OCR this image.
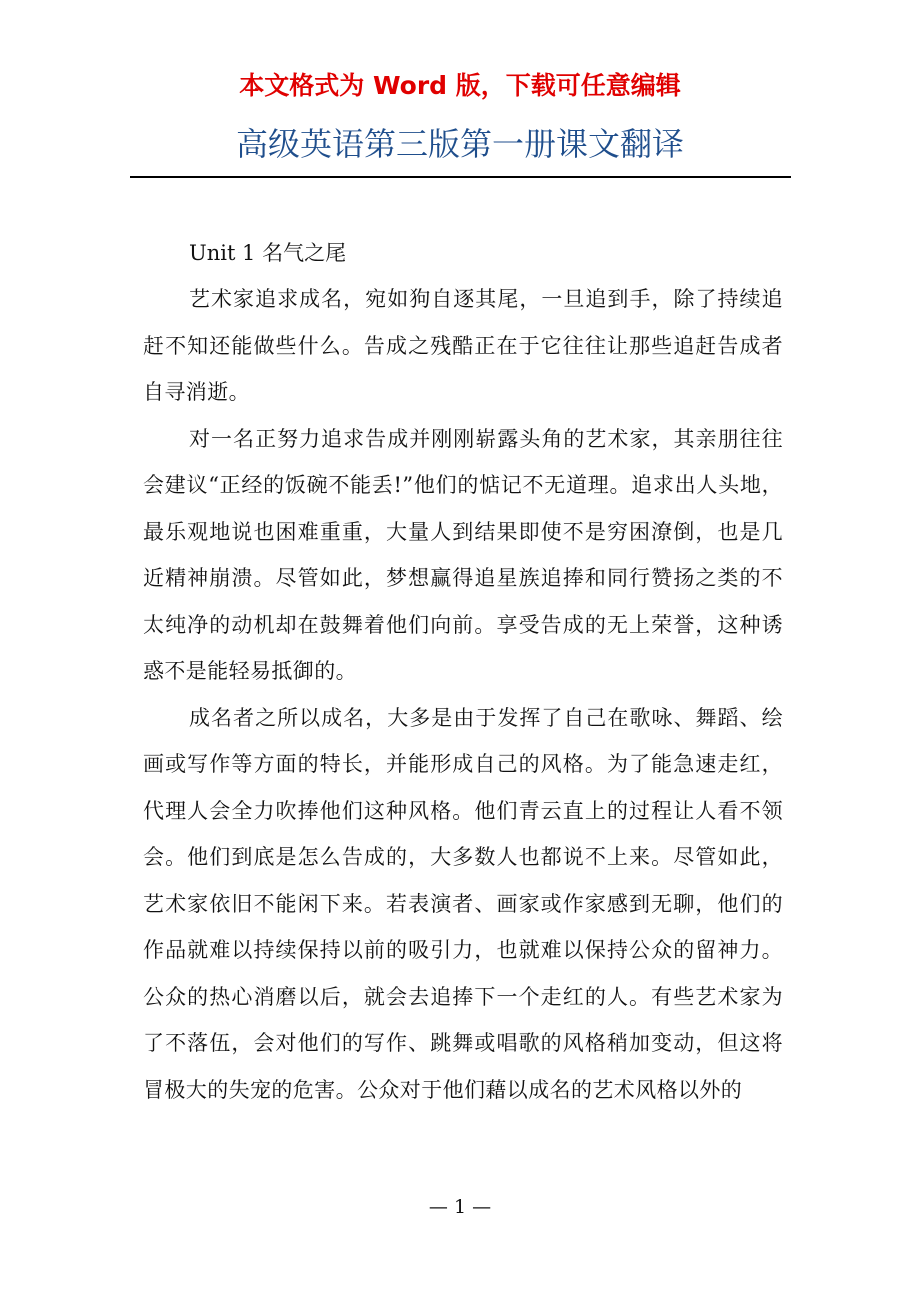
本文格式为 Word 版，下载可任意编辑
高级英语第三版第一册课文翻译

Unit 1 名气之尾

艺术家追求成名，宛如狗自逐其尾，一旦追到手，除了持续追赶不知还能做些什么。告成之残酷正在于它往往让那些追赶告成者自寻消逝。

对一名正努力追求告成并刚刚崭露头角的艺术家，其亲朋往往会建议“正经的饭碗不能丢!”他们的惦记不无道理。追求出人头地，最乐观地说也困难重重，大量人到结果即使不是穷困潦倒，也是几近精神崩溃。尽管如此，梦想赢得追星族追捧和同行赞扬之类的不太纯净的动机却在鼓舞着他们向前。享受告成的无上荣誉，这种诱惑不是能轻易抵御的。

成名者之所以成名，大多是由于发挥了自己在歌咏、舞蹈、绘画或写作等方面的特长，并能形成自己的风格。为了能急速走红，代理人会全力吹捧他们这种风格。他们青云直上的过程让人看不领会。他们到底是怎么告成的，大多数人也都说不上来。尽管如此，艺术家依旧不能闲下来。若表演者、画家或作家感到无聊，他们的作品就难以持续保持以前的吸引力，也就难以保持公众的留神力。公众的热心消磨以后，就会去追捧下一个走红的人。有些艺术家为了不落伍，会对他们的写作、跳舞或唱歌的风格稍加变动，但这将冒极大的失宠的危害。公众对于他们藉以成名的艺术风格以外的

— 1 —
